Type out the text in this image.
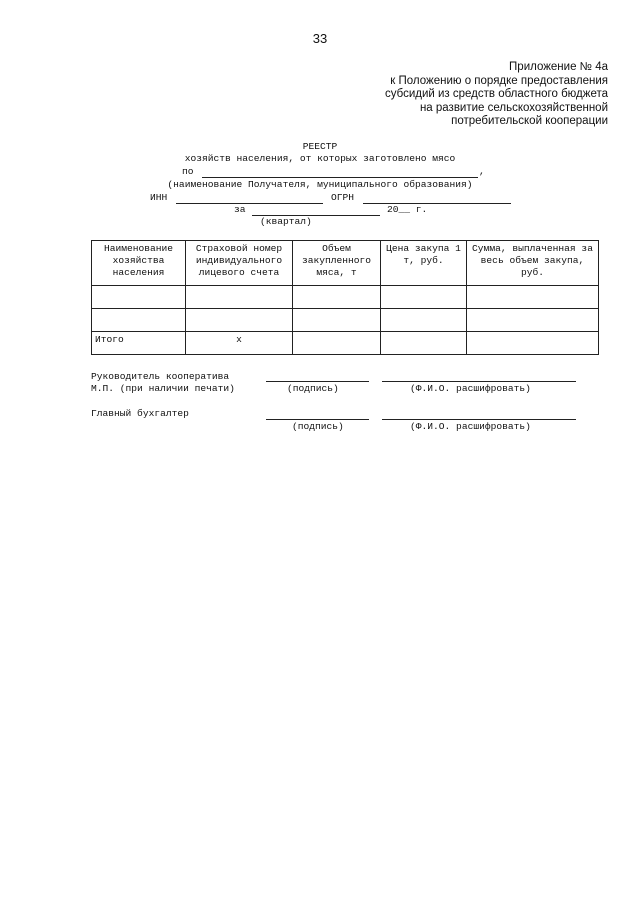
33
Приложение № 4а
к Положению о порядке предоставления
субсидий из средств областного бюджета
на развитие сельскохозяйственной
потребительской кооперации
РЕЕСТР
хозяйств населения, от которых заготовлено мясо
по	,
(наименование Получателя, муниципального образования)
ИНН	ОГРН
за	20__ г.
(квартал)
Наименование хозяйства населения	Страховой номер индивидуального лицевого счета	Объем закупленного мяса, т	Цена закупа 1 т, руб.	Сумма, выплаченная за весь объем закупа, руб.

Итого	х			
Руководитель кооператива
М.П. (при наличии печати)	(подпись)	(Ф.И.О. расшифровать)
Главный бухгалтер
(подпись)	(Ф.И.О. расшифровать)
